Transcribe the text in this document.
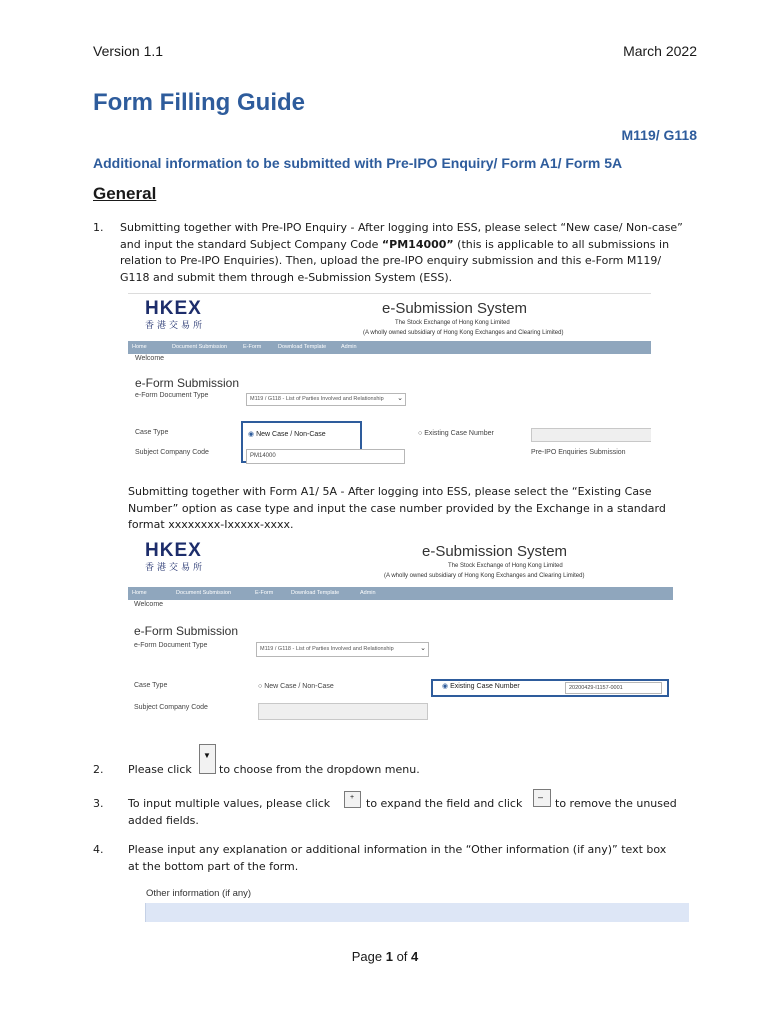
Version 1.1	March 2022
Form Filling Guide
M119/ G118
Additional information to be submitted with Pre-IPO Enquiry/ Form A1/ Form 5A
General
1. Submitting together with Pre-IPO Enquiry - After logging into ESS, please select “New case/ Non-case”
and input the standard Subject Company Code “PM14000” (this is applicable to all submissions in
relation to Pre-IPO Enquiries). Then, upload the pre-IPO enquiry submission and this e-Form M119/
G118 and submit them through e-Submission System (ESS).
HKEX
香港交易所
e-Submission System
The Stock Exchange of Hong Kong Limited
(A wholly owned subsidiary of Hong Kong Exchanges and Clearing Limited)
Home	Document Submission	E-Form	Download Template	Admin
Welcome
e-Form Submission
e-Form Document Type	M119 / G118 - List of Parties Involved and Relationship	⌄
Case Type	◉ New Case / Non-Case	○ Existing Case Number
Subject Company Code	PM14000	Pre-IPO Enquiries Submission
Submitting together with Form A1/ 5A - After logging into ESS, please select the “Existing Case
Number” option as case type and input the case number provided by the Exchange in a standard
format xxxxxxxx-Ixxxxx-xxxx.
HKEX
香港交易所
e-Submission System
The Stock Exchange of Hong Kong Limited
(A wholly owned subsidiary of Hong Kong Exchanges and Clearing Limited)
Home	Document Submission	E-Form	Download Template	Admin
Welcome
e-Form Submission
e-Form Document Type	M119 / G118 - List of Parties Involved and Relationship	⌄
Case Type	○ New Case / Non-Case	◉ Existing Case Number	20200429-I1157-0001
Subject Company Code
2. Please click
▼
to choose from the dropdown menu.
3. To input multiple values, please click	+ to expand the field and click – to remove the unused
added fields.
4. Please input any explanation or additional information in the “Other information (if any)” text box
at the bottom part of the form.
Other information (if any)
Page 1 of 4
